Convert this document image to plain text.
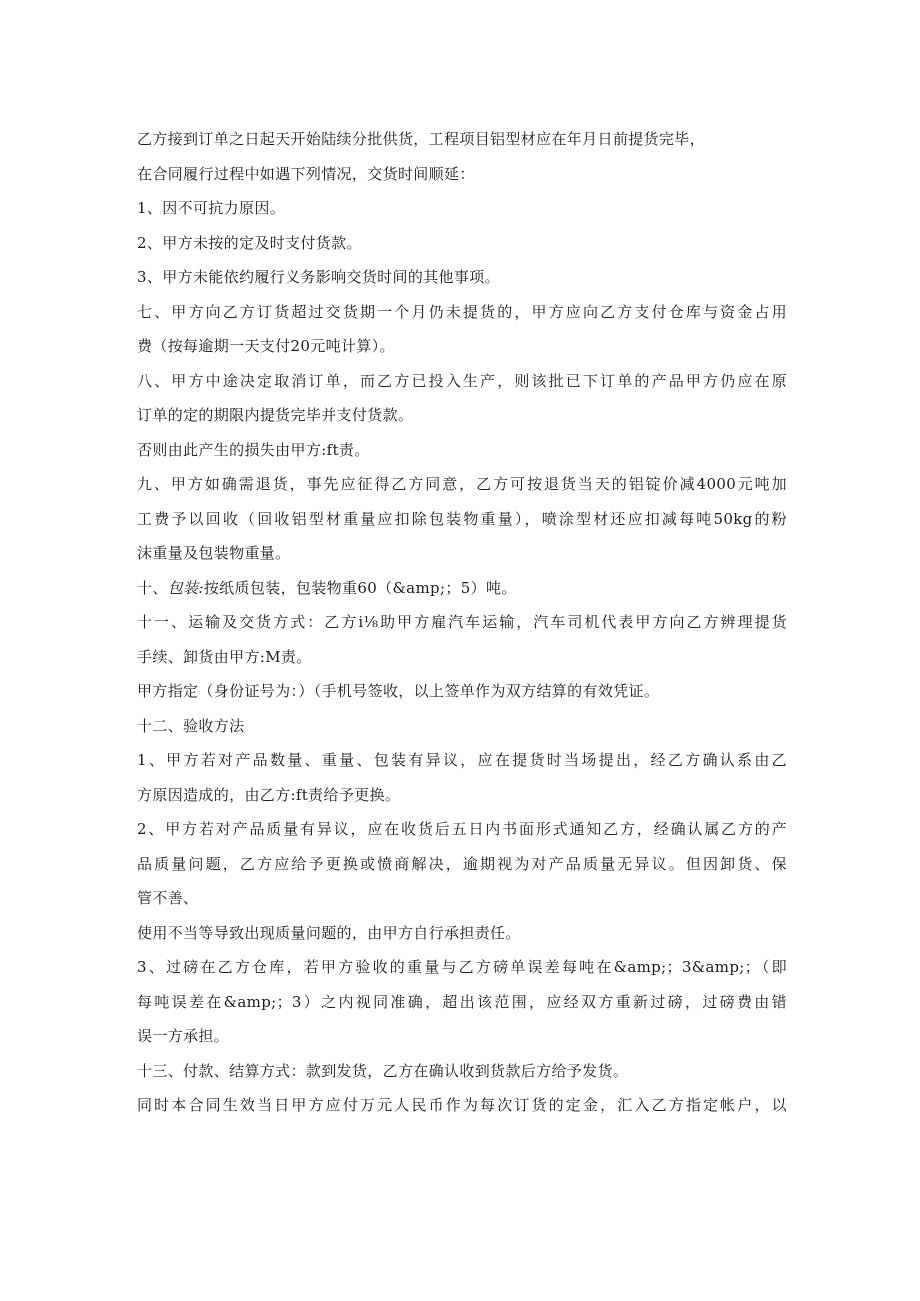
乙方接到订单之日起天开始陆续分批供货，工程项目铝型材应在年月日前提货完毕，
在合同履行过程中如遇下列情况，交货时间顺延：
1、因不可抗力原因。
2、甲方未按的定及时支付货款。
3、甲方未能依约履行义务影响交货时间的其他事项。
七、甲方向乙方订货超过交货期一个月仍未提货的，甲方应向乙方支付仓库与资金占用
费（按每逾期一天支付20元吨计算）。
八、甲方中途决定取消订单，而乙方已投入生产，则该批已下订单的产品甲方仍应在原
订单的定的期限内提货完毕并支付货款。
否则由此产生的损失由甲方:ft责。
九、甲方如确需退货，事先应征得乙方同意，乙方可按退货当天的铝锭价减4000元吨加
工费予以回收（回收铝型材重量应扣除包装物重量），喷涂型材还应扣减每吨50kg的粉
沫重量及包装物重量。
十、包装:按纸质包装，包装物重60（&amp;；5）吨。
十一、运输及交货方式：乙方i⅛助甲方雇汽车运输，汽车司机代表甲方向乙方辨理提货
手续、卸货由甲方:M责。
甲方指定（身份证号为：）（手机号签收，以上签单作为双方结算的有效凭证。
十二、验收方法
1、甲方若对产品数量、重量、包装有异议，应在提货时当场提出，经乙方确认系由乙
方原因造成的，由乙方:ft责给予更换。
2、甲方若对产品质量有异议，应在收货后五日内书面形式通知乙方，经确认属乙方的产
品质量问题，乙方应给予更换或愤商解决，逾期视为对产品质量无异议。但因卸货、保
管不善、
使用不当等导致出现质量问题的，由甲方自行承担责任。
3、过磅在乙方仓库，若甲方验收的重量与乙方磅单误差每吨在&amp;；3&amp;；（即
每吨误差在&amp;；3）之内视同准确，超出该范围，应经双方重新过磅，过磅费由错
误一方承担。
十三、付款、结算方式：款到发货，乙方在确认收到货款后方给予发货。
同时本合同生效当日甲方应付万元人民币作为每次订货的定金，汇入乙方指定帐户，以
